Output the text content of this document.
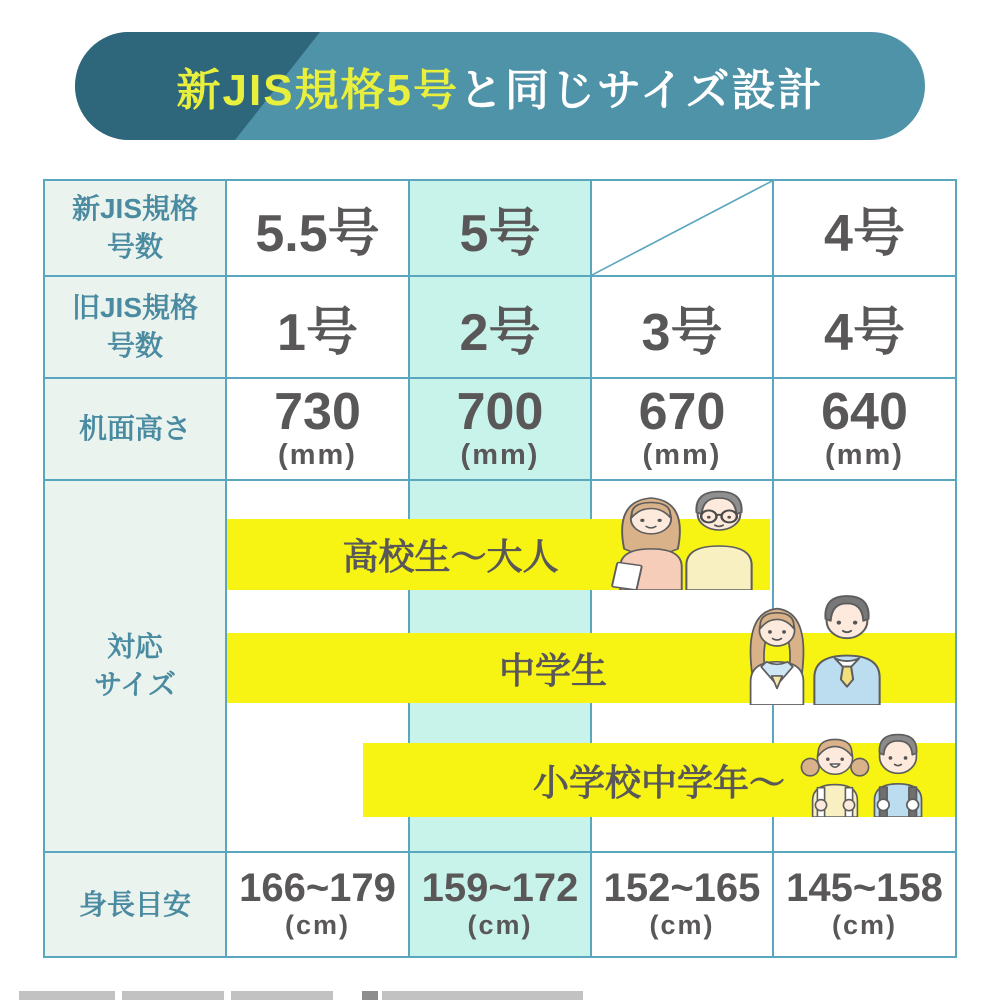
新JIS規格5号と同じサイズ設計
新JIS規格
号数 5.5号 5号	4号
旧JIS規格
号数 1号 2号 3号 4号
机面高さ 730
(mm)
700
(mm)
670
(mm)
640
(mm)
対応
サイズ
身長目安 166~179
(cm)
159~172
(cm)
152~165
(cm)
145~158
(cm)
高校生～大人
中学生
小学校中学年～
